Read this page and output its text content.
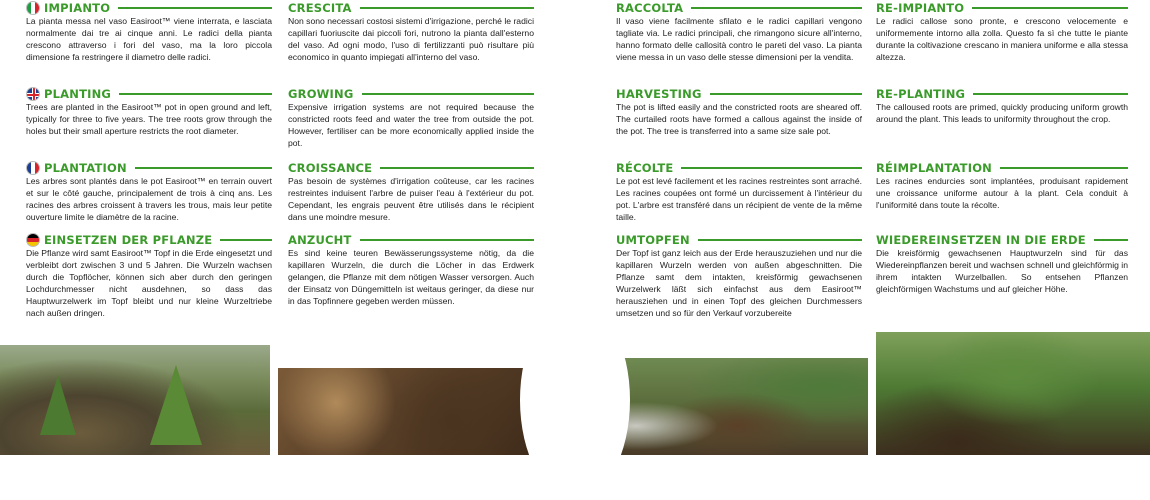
IMPIANTO

La pianta messa nel vaso Easiroot™ viene interrata, e lasciata normalmente dai tre ai cinque anni. Le radici della pianta crescono attraverso i fori del vaso, ma la loro piccola dimensione fa restringere il diametro delle radici.

PLANTING

Trees are planted in the Easiroot™ pot in open ground and left, typically for three to five years. The tree roots grow through the holes but their small aperture restricts the root diameter.

PLANTATION

Les arbres sont plantés dans le pot Easiroot™ en terrain ouvert et sur le côté gauche, principalement de trois à cinq ans. Les racines des arbres croissent à travers les trous, mais leur petite ouverture limite le diamètre de la racine.

EINSETZEN DER PFLANZE

Die Pflanze wird samt Easiroot™ Topf in die Erde eingesetzt und verbleibt dort zwischen 3 und 5 Jahren. Die Wurzeln wachsen durch die Topflöcher, können sich aber durch den geringen Lochdurchmesser nicht ausdehnen, so dass das Hauptwurzelwerk im Topf bleibt und nur kleine Wurzeltriebe nach außen dringen.

CRESCITA

Non sono necessari costosi sistemi d'irrigazione, perché le radici capillari fuoriuscite dai piccoli fori, nutrono la pianta dall'esterno del vaso. Ad ogni modo, l'uso di fertilizzanti può risultare più economico in quanto impiegati all'interno del vaso.

GROWING

Expensive irrigation systems are not required because the constricted roots feed and water the tree from outside the pot. However, fertiliser can be more economically applied inside the pot.

CROISSANCE

Pas besoin de systèmes d'irrigation coûteuse, car les racines restreintes induisent l'arbre de puiser l'eau à l'extérieur du pot. Cependant, les engrais peuvent être utilisés dans le récipient dans une moindre mesure.

ANZUCHT

Es sind keine teuren Bewässerungssysteme nötig, da die kapillaren Wurzeln, die durch die Löcher in das Erdwerk gelangen, die Pflanze mit dem nötigen Wasser versorgen. Auch der Einsatz von Düngemitteln ist weitaus geringer, da diese nur in das Topfinnere gegeben werden müssen.

RACCOLTA

Il vaso viene facilmente sfilato e le radici capillari vengono tagliate via. Le radici principali, che rimangono sicure all'interno, hanno formato delle callosità contro le pareti del vaso. La pianta viene messa in un vaso delle stesse dimensioni per la vendita.

HARVESTING

The pot is lifted easily and the constricted roots are sheared off. The curtailed roots have formed a callous against the inside of the pot. The tree is transferred into a same size sale pot.

RÉCOLTE

Le pot est levé facilement et les racines restreintes sont arraché. Les racines coupées ont formé un durcissement à l'intérieur du pot. L'arbre est transféré dans un récipient de vente de la même taille.

UMTOPFEN

Der Topf ist ganz leich aus der Erde herauszuziehen und nur die kapillaren Wurzeln werden von außen abgeschnitten. Die Pflanze samt dem intakten, kreisförmig gewachsenen Wurzelwerk läßt sich einfachst aus dem Easiroot™ herausziehen und in einen Topf des gleichen Durchmessers umsetzen und so für den Verkauf vorzubereite

RE-IMPIANTO

Le radici callose sono pronte, e crescono velocemente e uniformemente intorno alla zolla. Questo fa sì che tutte le piante durante la coltivazione crescano in maniera uniforme e alla stessa altezza.

RE-PLANTING

The calloused roots are primed, quickly producing uniform growth around the plant. This leads to uniformity throughout the crop.

RÉIMPLANTATION

Les racines endurcies sont implantées, produisant rapidement une croissance uniforme autour à la plant. Cela conduit à l'uniformité dans toute la récolte.

WIEDEREINSETZEN IN DIE ERDE

Die kreisförmig gewachsenen Hauptwurzeln sind für das Wiedereinpflanzen bereit und wachsen schnell und gleichförmig in ihrem intakten Wurzelballen. So entsehen Pflanzen gleichförmigen Wachstums und auf gleicher Höhe.
